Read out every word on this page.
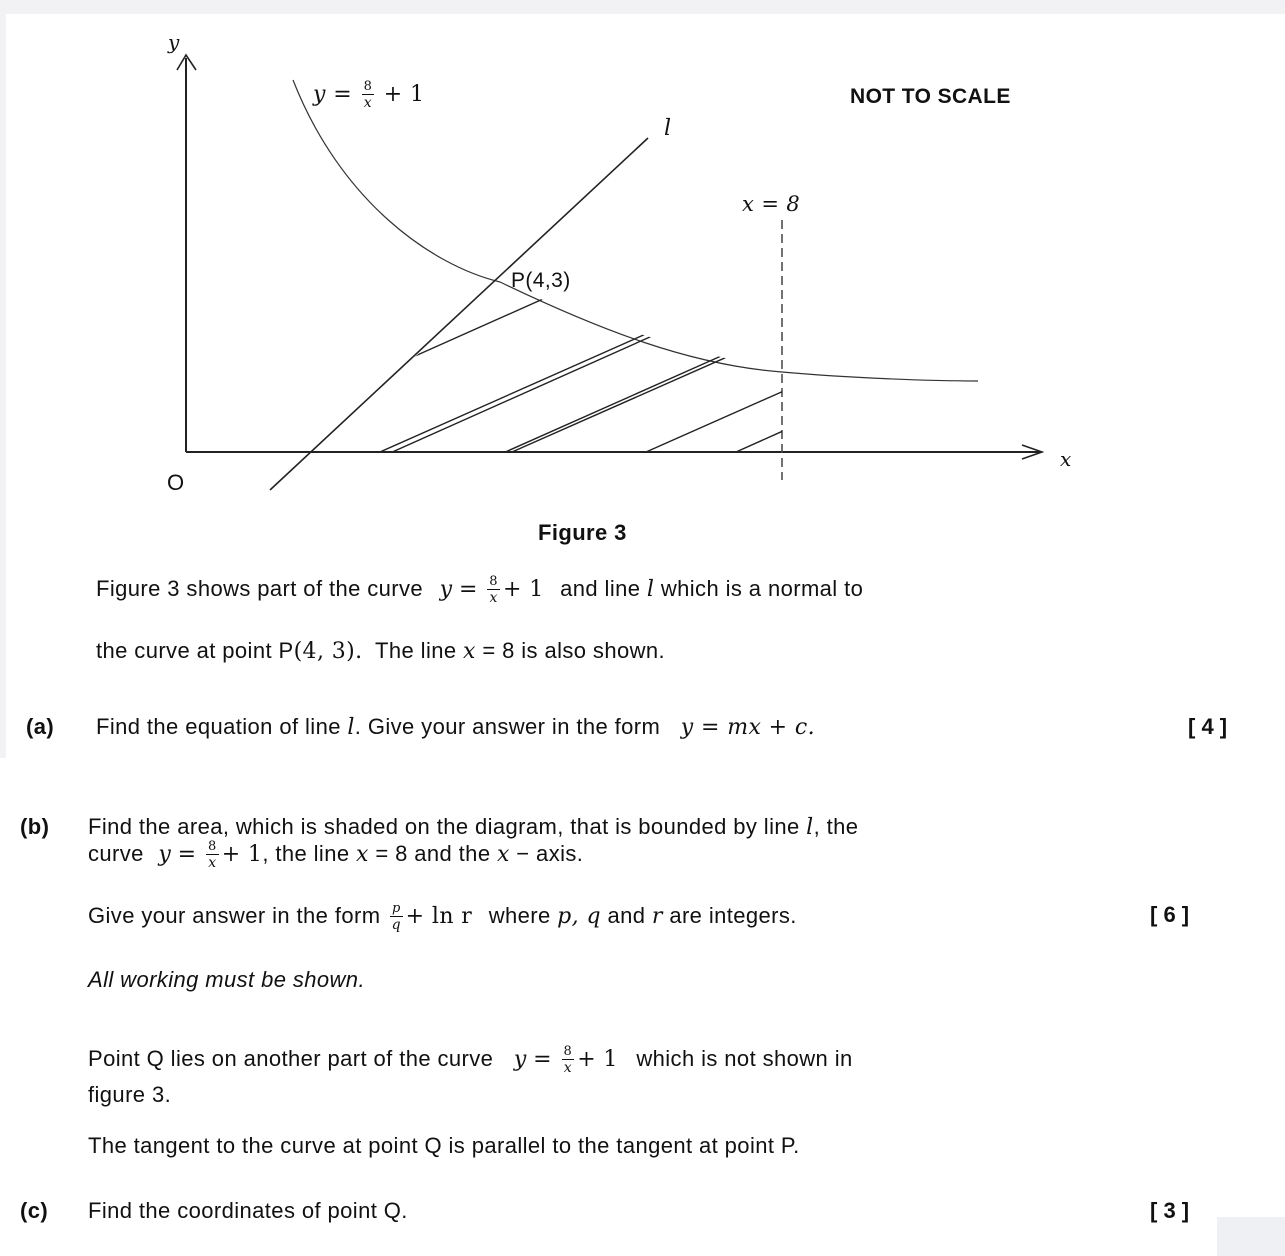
y
x
O
$y = \frac{8}{x} + 1$
l
x = 8
P(4,3)
NOT TO SCALE
Figure 3
Figure 3 shows part of the curve $y = \frac{8}{x} + 1$ and line l which is a normal to
the curve at point P(4, 3). The line x = 8 is also shown.
(a) Find the equation of line l. Give your answer in the form y = mx + c.	[ 4 ]
(b) Find the area, which is shaded on the diagram, that is bounded by line l, the
curve $y = \frac{8}{x} + 1$, the line x = 8 and the x − axis.
Give your answer in the form $\frac{p}{q} + \ln r$ where p, q and r are integers.	[ 6 ]
All working must be shown.
Point Q lies on another part of the curve $y = \frac{8}{x} + 1$ which is not shown in
figure 3.
The tangent to the curve at point Q is parallel to the tangent at point P.
(c) Find the coordinates of point Q.	[ 3 ]
